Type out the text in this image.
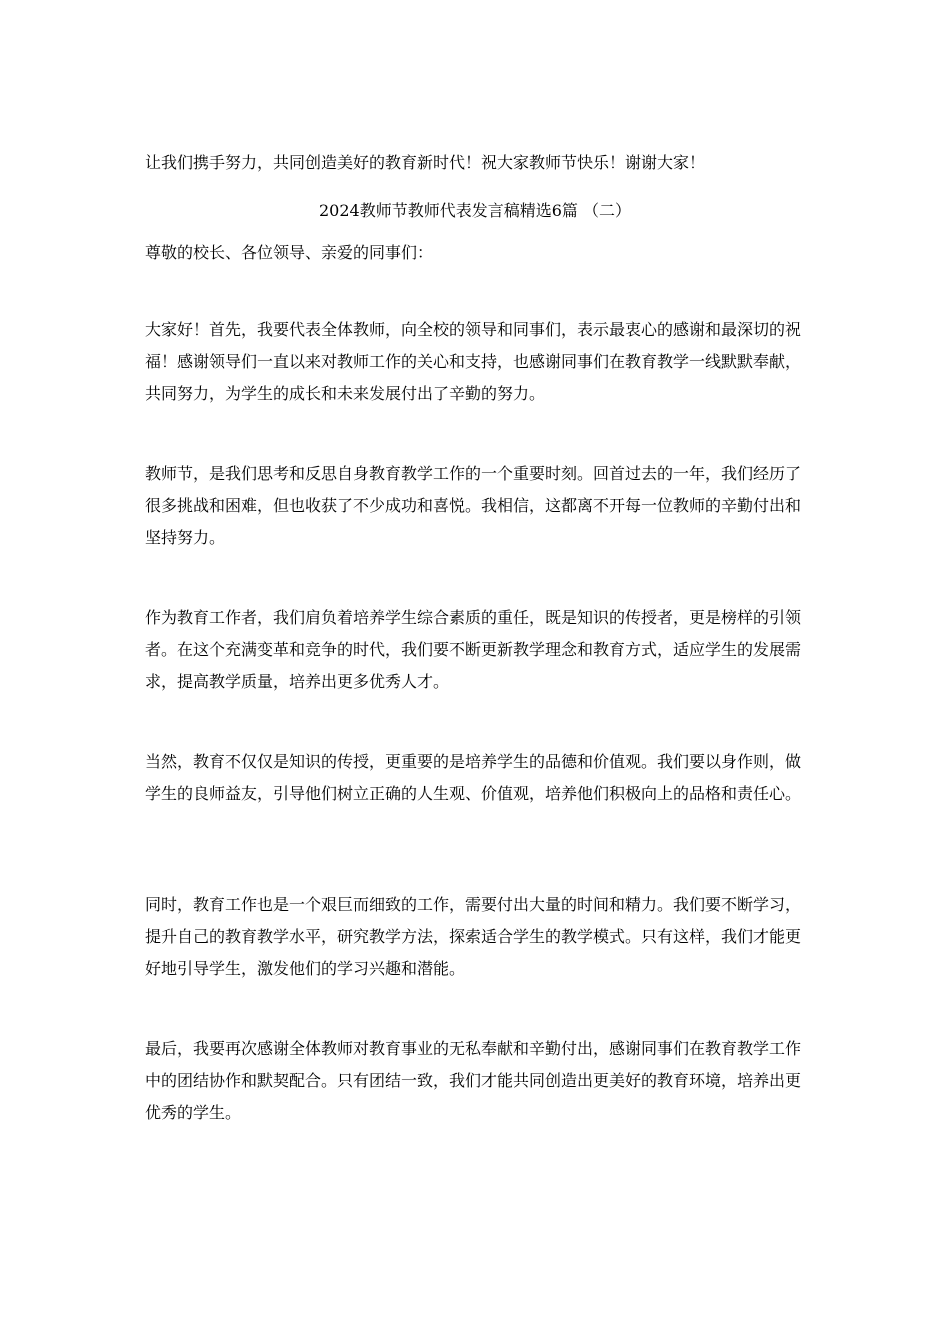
让我们携手努力，共同创造美好的教育新时代！祝大家教师节快乐！谢谢大家！

2024教师节教师代表发言稿精选6篇 （二）

尊敬的校长、各位领导、亲爱的同事们：

大家好！首先，我要代表全体教师，向全校的领导和同事们，表示最衷心的感谢和最深切的祝福！感谢领导们一直以来对教师工作的关心和支持，也感谢同事们在教育教学一线默默奉献，共同努力，为学生的成长和未来发展付出了辛勤的努力。

教师节，是我们思考和反思自身教育教学工作的一个重要时刻。回首过去的一年，我们经历了很多挑战和困难，但也收获了不少成功和喜悦。我相信，这都离不开每一位教师的辛勤付出和坚持努力。

作为教育工作者，我们肩负着培养学生综合素质的重任，既是知识的传授者，更是榜样的引领者。在这个充满变革和竞争的时代，我们要不断更新教学理念和教育方式，适应学生的发展需求，提高教学质量，培养出更多优秀人才。

当然，教育不仅仅是知识的传授，更重要的是培养学生的品德和价值观。我们要以身作则，做学生的良师益友，引导他们树立正确的人生观、价值观，培养他们积极向上的品格和责任心。

同时，教育工作也是一个艰巨而细致的工作，需要付出大量的时间和精力。我们要不断学习，提升自己的教育教学水平，研究教学方法，探索适合学生的教学模式。只有这样，我们才能更好地引导学生，激发他们的学习兴趣和潜能。

最后，我要再次感谢全体教师对教育事业的无私奉献和辛勤付出，感谢同事们在教育教学工作中的团结协作和默契配合。只有团结一致，我们才能共同创造出更美好的教育环境，培养出更优秀的学生。
